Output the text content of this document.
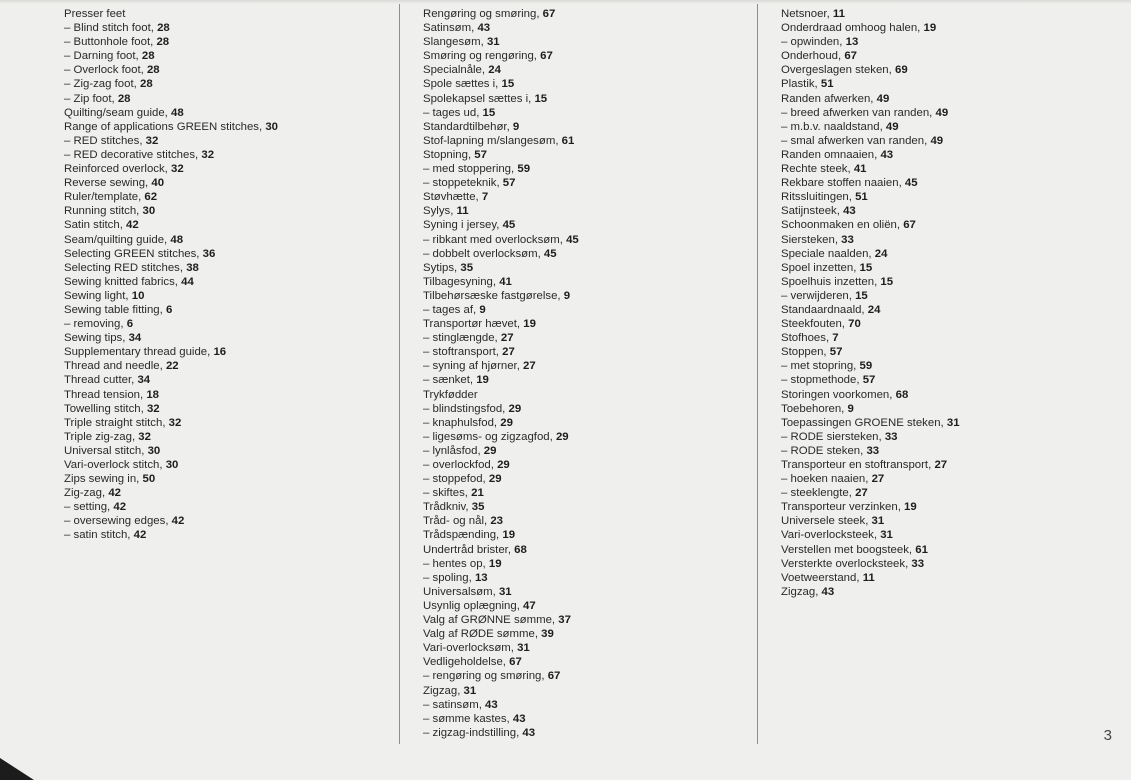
Presser feet
– Blind stitch foot, 28
– Buttonhole foot, 28
– Darning foot, 28
– Overlock foot, 28
– Zig-zag foot, 28
– Zip foot, 28
Quilting/seam guide, 48
Range of applications GREEN stitches, 30
– RED stitches, 32
– RED decorative stitches, 32
Reinforced overlock, 32
Reverse sewing, 40
Ruler/template, 62
Running stitch, 30
Satin stitch, 42
Seam/quilting guide, 48
Selecting GREEN stitches, 36
Selecting RED stitches, 38
Sewing knitted fabrics, 44
Sewing light, 10
Sewing table fitting, 6
– removing, 6
Sewing tips, 34
Supplementary thread guide, 16
Thread and needle, 22
Thread cutter, 34
Thread tension, 18
Towelling stitch, 32
Triple straight stitch, 32
Triple zig-zag, 32
Universal stitch, 30
Vari-overlock stitch, 30
Zips sewing in, 50
Zig-zag, 42
– setting, 42
– oversewing edges, 42
– satin stitch, 42
Rengøring og smøring, 67
Satinsøm, 43
Slangesøm, 31
Smøring og rengøring, 67
Specialnåle, 24
Spole sættes i, 15
Spolekapsel sættes i, 15
– tages ud, 15
Standardtilbehør, 9
Stof-lapning m/slangesøm, 61
Stopning, 57
– med stoppering, 59
– stoppeteknik, 57
Støvhætte, 7
Sylys, 11
Syning i jersey, 45
– ribkant med overlocksøm, 45
– dobbelt overlocksøm, 45
Sytips, 35
Tilbagesyning, 41
Tilbehørsæske fastgørelse, 9
– tages af, 9
Transportør hævet, 19
– stinglængde, 27
– stoftransport, 27
– syning af hjørner, 27
– sænket, 19
Trykfødder
– blindstingsfod, 29
– knaphulsfod, 29
– ligesøms- og zigzagfod, 29
– lynlåsfod, 29
– overlockfod, 29
– stoppefod, 29
– skiftes, 21
Trådkniv, 35
Tråd- og nål, 23
Trådspænding, 19
Undertråd brister, 68
– hentes op, 19
– spoling, 13
Universalsøm, 31
Usynlig oplægning, 47
Valg af GRØNNE sømme, 37
Valg af RØDE sømme, 39
Vari-overlocksøm, 31
Vedligeholdelse, 67
– rengøring og smøring, 67
Zigzag, 31
– satinsøm, 43
– sømme kastes, 43
– zigzag-indstilling, 43
Netsnoer, 11
Onderdraad omhoog halen, 19
– opwinden, 13
Onderhoud, 67
Overgeslagen steken, 69
Plastik, 51
Randen afwerken, 49
– breed afwerken van randen, 49
– m.b.v. naaldstand, 49
– smal afwerken van randen, 49
Randen omnaaien, 43
Rechte steek, 41
Rekbare stoffen naaien, 45
Ritssluitingen, 51
Satijnsteek, 43
Schoonmaken en oliën, 67
Siersteken, 33
Speciale naalden, 24
Spoel inzetten, 15
Spoelhuis inzetten, 15
– verwijderen, 15
Standaardnaald, 24
Steekfouten, 70
Stofhoes, 7
Stoppen, 57
– met stopring, 59
– stopmethode, 57
Storingen voorkomen, 68
Toebehoren, 9
Toepassingen GROENE steken, 31
– RODE siersteken, 33
– RODE steken, 33
Transporteur en stoftransport, 27
– hoeken naaien, 27
– steeklengte, 27
Transporteur verzinken, 19
Universele steek, 31
Vari-overlocksteek, 31
Verstellen met boogsteek, 61
Versterkte overlocksteek, 33
Voetweerstand, 11
Zigzag, 43
3
